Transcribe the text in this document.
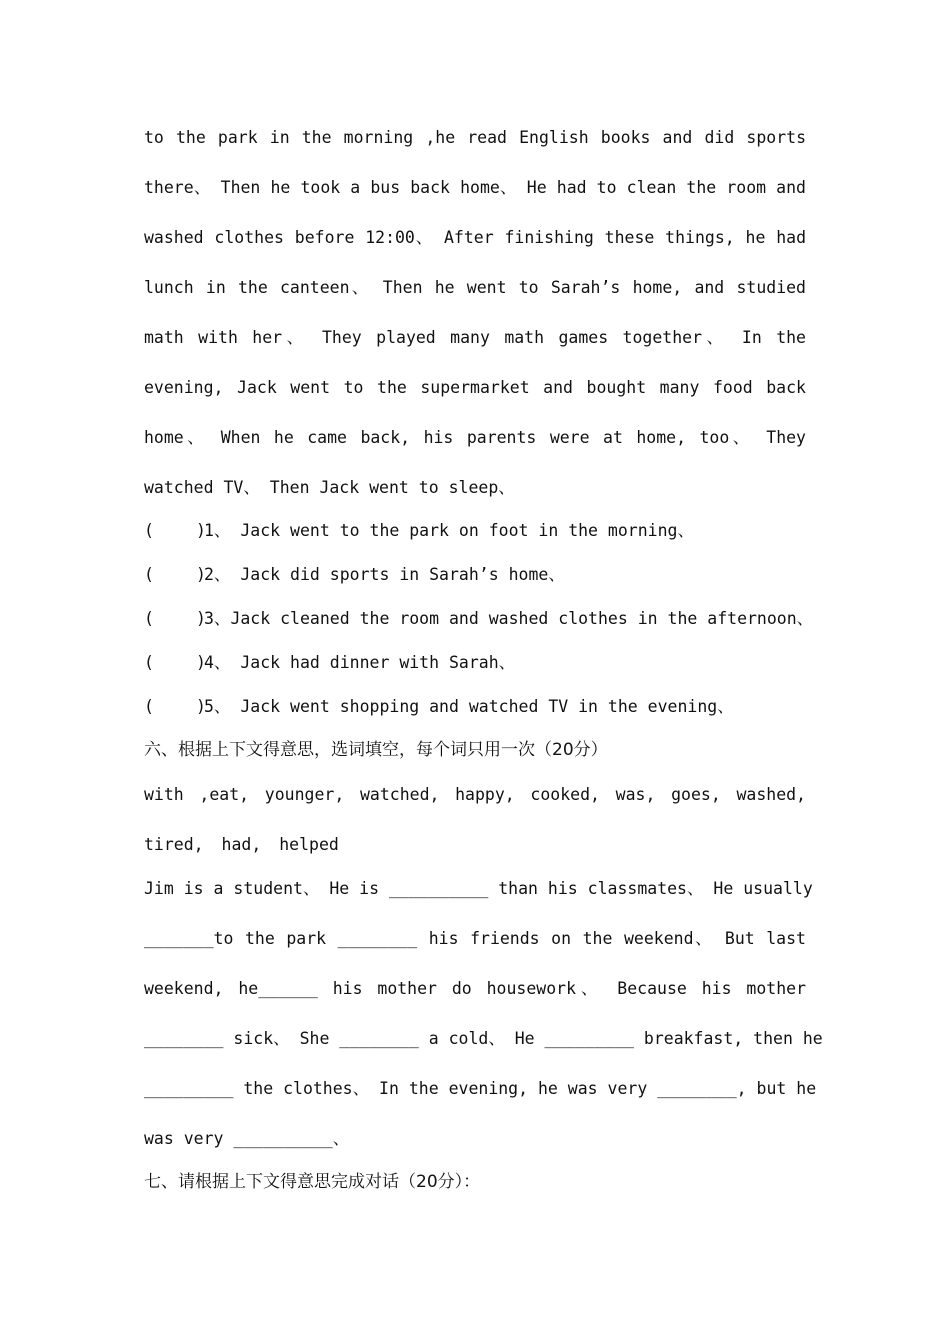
to the park in the morning ,he read English books and did sports
there、 Then he took a bus back home、 He had to clean the room and
washed clothes before 12:00、 After finishing these things, he had
lunch in the canteen、 Then he went to Sarah’s home, and studied
math with her、 They played many math games together、 In the
evening, Jack went to the supermarket and bought many food back
home、 When he came back, his parents were at home, too、 They
watched TV、 Then Jack went to sleep、
(	)
1、 Jack went to the park on foot in the morning、
(	)
2、 Jack did sports in Sarah’s home、
(	)
3、 Jack cleaned the room and washed clothes in the afternoon、
(	)
4、 Jack had dinner with Sarah、
(	)
5、 Jack went shopping and watched TV in the evening、
六、根据上下文得意思，选词填空，每个词只用一次（20分）
with ,eat, younger, watched, happy, cooked, was, goes, washed,
tired, had, helped
Jim is a student、 He is __________ than his classmates、 He usually
_______to the park ________ his friends on the weekend、 But last
weekend, he______ his mother do housework、 Because his mother
________ sick、 She ________ a cold、 He _________ breakfast, then he
_________ the clothes、 In the evening, he was very ________, but he
was very __________、
七、请根据上下文得意思完成对话（20分）：
